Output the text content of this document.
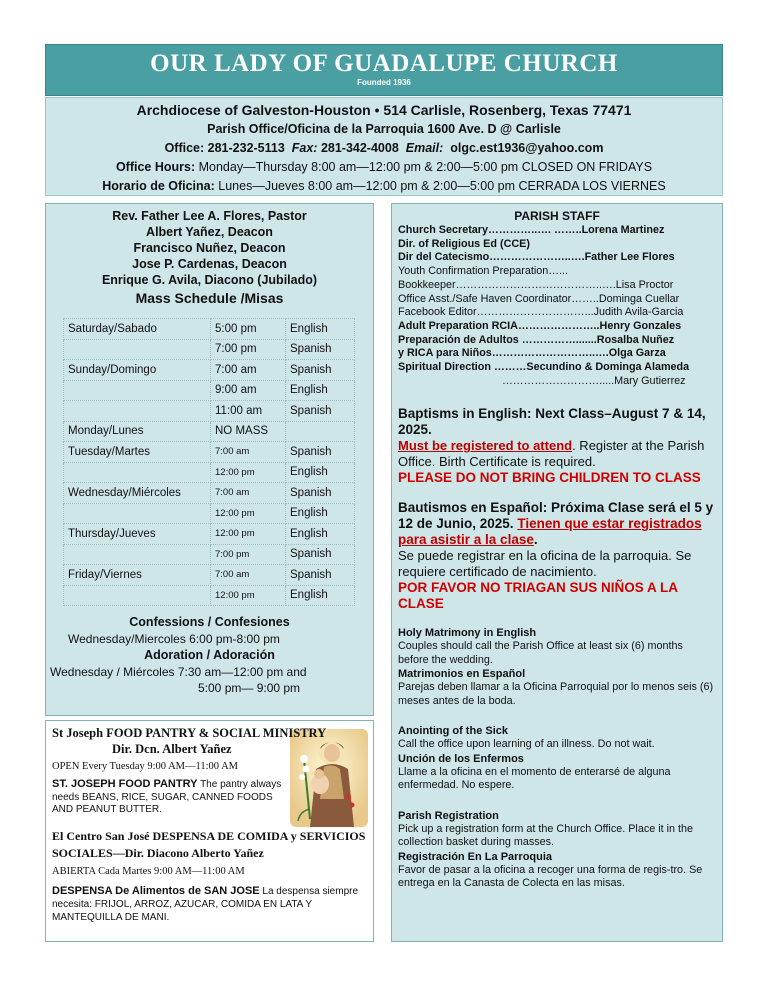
OUR LADY OF GUADALUPE CHURCH
Founded 1936
Archdiocese of Galveston-Houston • 514 Carlisle, Rosenberg, Texas 77471
Parish Office/Oficina de la Parroquia 1600 Ave. D @ Carlisle
Office: 281-232-5113 Fax: 281-342-4008 Email: olgc.est1936@yahoo.com
Office Hours: Monday—Thursday 8:00 am—12:00 pm & 2:00—5:00 pm CLOSED ON FRIDAYS
Horario de Oficina: Lunes—Jueves 8:00 am—12:00 pm & 2:00—5:00 pm CERRADA LOS VIERNES
Rev. Father Lee A. Flores, Pastor
Albert Yañez, Deacon
Francisco Nuñez, Deacon
Jose P. Cardenas, Deacon
Enrique G. Avila, Diacono (Jubilado)
Mass Schedule /Misas
Saturday/Sabado	5:00 pm	English
	7:00 pm	Spanish
Sunday/Domingo	7:00 am	Spanish
	9:00 am	English
	11:00 am	Spanish
Monday/Lunes	NO MASS	
Tuesday/Martes	7:00 am	Spanish
	12:00 pm	English
Wednesday/Miércoles	7:00 am	Spanish
	12:00 pm	English
Thursday/Jueves	12:00 pm	English
	7:00 pm	Spanish
Friday/Viernes	7:00 am	Spanish
	12:00 pm	English
Confessions / Confesiones
Wednesday/Miercoles 6:00 pm-8:00 pm
Adoration / Adoración
Wednesday / Miércoles 7:30 am—12:00 pm and
5:00 pm— 9:00 pm
St Joseph FOOD PANTRY & SOCIAL MINISTRY
Dir. Dcn. Albert Yañez
OPEN Every Tuesday 9:00 AM—11:00 AM
ST. JOSEPH FOOD PANTRY The pantry always needs BEANS, RICE, SUGAR, CANNED FOODS AND PEANUT BUTTER.
El Centro San José DESPENSA DE COMIDA y SERVICIOS SOCIALES—Dir. Diacono Alberto Yañez
ABIERTA Cada Martes 9:00 AM—11:00 AM
DESPENSA De Alimentos de SAN JOSE La despensa siempre necesita: FRIJOL, ARROZ, AZUCAR, COMIDA EN LATA Y MANTEQUILLA DE MANI.
PARISH STAFF
Church Secretary…………..…. ……..Lorena Martinez
Dir. of Religious Ed (CCE)
Dir del Catecismo…………………..….Father Lee Flores
Youth Confirmation Preparation…...
Bookkeeper…………………………………..….Lisa Proctor
Office Asst./Safe Haven Coordinator……..Dominga Cuellar
Facebook Editor…………………………...Judith Avila-Garcia
Adult Preparation RCIA…………………..Henry Gonzales
Preparación de Adultos …………….......Rosalba Nuñez
y RICA para Niños………………………..….Olga Garza
Spiritual Direction ………Secundino & Dominga Alameda
……………………….....Mary Gutierrez
Baptisms in English: Next Class–August 7 & 14, 2025.
Must be registered to attend. Register at the Parish Office. Birth Certificate is required.
PLEASE DO NOT BRING CHILDREN TO CLASS
Bautismos en Español: Próxima Clase será el 5 y 12 de Junio, 2025. Tienen que estar registrados para asistir a la clase.
Se puede registrar en la oficina de la parroquia. Se requiere certificado de nacimiento.
POR FAVOR NO TRIAGAN SUS NIÑOS A LA CLASE
Holy Matrimony in English
Couples should call the Parish Office at least six (6) months before the wedding.
Matrimonios en Español
Parejas deben llamar a la Oficina Parroquial por lo menos seis (6) meses antes de la boda.
Anointing of the Sick
Call the office upon learning of an illness. Do not wait.
Unción de los Enfermos
Llame a la oficina en el momento de enterarsé de alguna enfermedad. No espere.
Parish Registration
Pick up a registration form at the Church Office. Place it in the collection basket during masses.
Registración En La Parroquia
Favor de pasar a la oficina a recoger una forma de regis-tro. Se entrega en la Canasta de Colecta en las misas.
